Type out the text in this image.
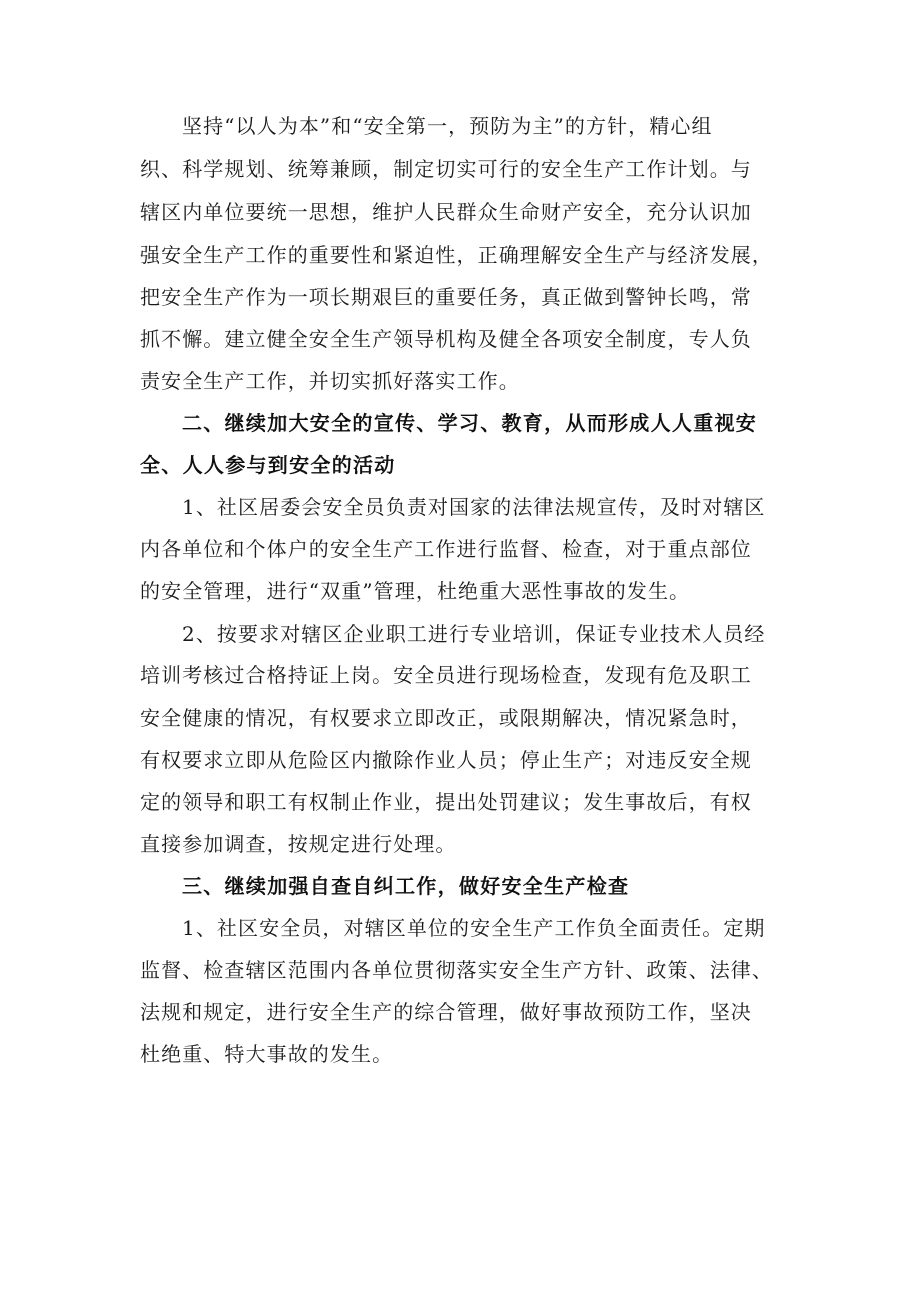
坚持“以人为本”和“安全第一，预防为主”的方针，精心组

织、科学规划、统筹兼顾，制定切实可行的安全生产工作计划。与

辖区内单位要统一思想，维护人民群众生命财产安全，充分认识加

强安全生产工作的重要性和紧迫性，正确理解安全生产与经济发展，

把安全生产作为一项长期艰巨的重要任务，真正做到警钟长鸣，常

抓不懈。建立健全安全生产领导机构及健全各项安全制度，专人负

责安全生产工作，并切实抓好落实工作。

二、继续加大安全的宣传、学习、教育，从而形成人人重视安

全、人人参与到安全的活动

1、社区居委会安全员负责对国家的法律法规宣传，及时对辖区

内各单位和个体户的安全生产工作进行监督、检查，对于重点部位

的安全管理，进行“双重”管理，杜绝重大恶性事故的发生。

2、按要求对辖区企业职工进行专业培训，保证专业技术人员经

培训考核过合格持证上岗。安全员进行现场检查，发现有危及职工

安全健康的情况，有权要求立即改正，或限期解决，情况紧急时，

有权要求立即从危险区内撤除作业人员；停止生产；对违反安全规

定的领导和职工有权制止作业，提出处罚建议；发生事故后，有权

直接参加调查，按规定进行处理。

三、继续加强自查自纠工作，做好安全生产检查

1、社区安全员，对辖区单位的安全生产工作负全面责任。定期

监督、检查辖区范围内各单位贯彻落实安全生产方针、政策、法律、

法规和规定，进行安全生产的综合管理，做好事故预防工作，坚决

杜绝重、特大事故的发生。
